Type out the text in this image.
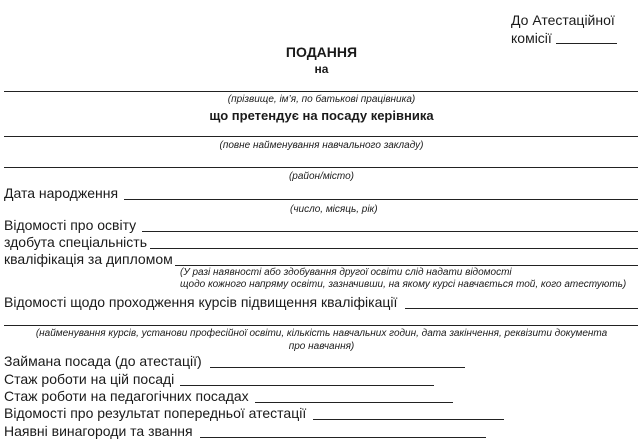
До Атестаційної
комісії
ПОДАННЯ
на
(прізвище, ім’я, по батькові працівника)
що претендує на посаду керівника
(повне найменування навчального закладу)
(район/місто)
Дата народження
(число, місяць, рік)
Відомості про освіту
здобута спеціальність
кваліфікація за дипломом
(У разі наявності або здобування другої освіти слід надати відомості
щодо кожного напряму освіти, зазначивши, на якому курсі навчається той, кого атестують)
Відомості щодо проходження курсів підвищення кваліфікації
(найменування курсів, установи професійної освіти, кількість навчальних годин, дата закінчення, реквізити документа
про навчання)
Займана посада (до атестації)
Стаж роботи на цій посаді
Стаж роботи на педагогічних посадах
Відомості про результат попередньої атестації
Наявні винагороди та звання
